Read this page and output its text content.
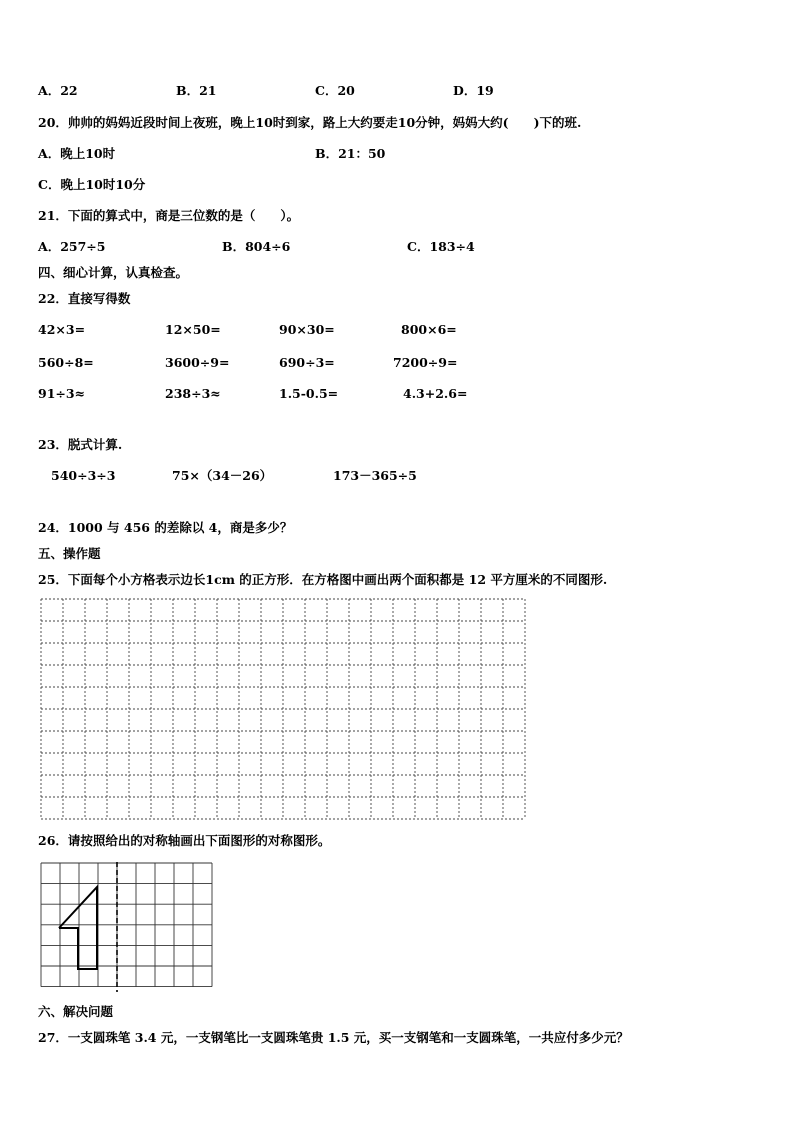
A．22	B．21	C．20	D．19
20．帅帅的妈妈近段时间上夜班，晚上10时到家，路上大约要走10分钟，妈妈大约(　　)下的班.
A．晚上10时	B．21：50
C．晚上10时10分
21．下面的算式中，商是三位数的是（　　）。
A．257÷5	B．804÷6	C．183÷4
四、细心计算，认真检查。
22．直接写得数
42×3=	12×50=	90×30=	800×6=
560÷8=	3600÷9=	690÷3=	7200÷9=
91÷3≈	238÷3≈	1.5-0.5=	4.3+2.6=
23．脱式计算.
540÷3÷3	75×（34－26）	173－365÷5
24．1000 与 456 的差除以 4，商是多少？
五、操作题
25．下面每个小方格表示边长1cm 的正方形．在方格图中画出两个面积都是 12 平方厘米的不同图形.
26．请按照给出的对称轴画出下面图形的对称图形。
六、解决问题
27．一支圆珠笔 3.4 元，一支钢笔比一支圆珠笔贵 1.5 元，买一支钢笔和一支圆珠笔，一共应付多少元？
